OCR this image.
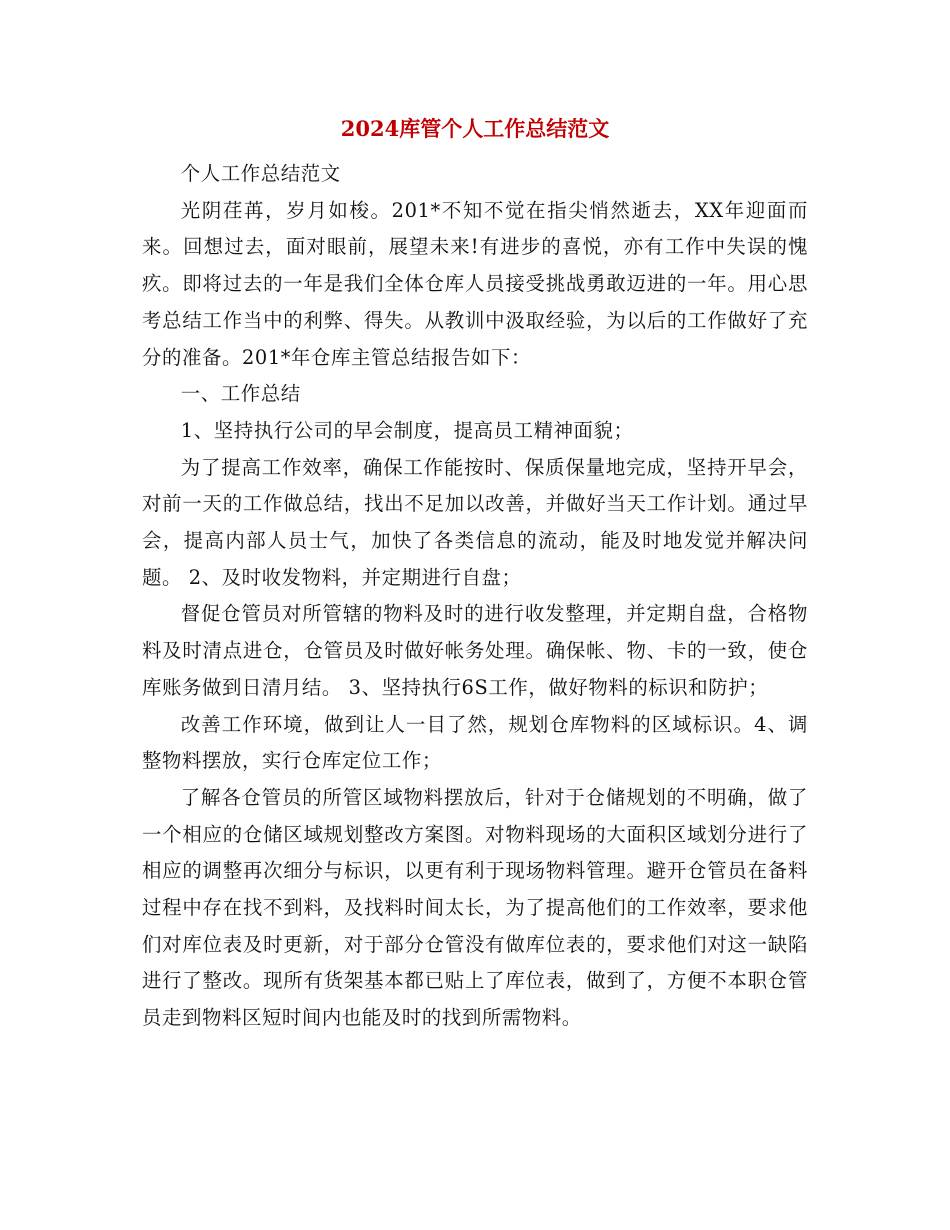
2024库管个人工作总结范文

个人工作总结范文

光阴荏苒，岁月如梭。201*不知不觉在指尖悄然逝去，XX年迎面而来。回想过去，面对眼前，展望未来!有进步的喜悦，亦有工作中失误的愧疚。即将过去的一年是我们全体仓库人员接受挑战勇敢迈进的一年。用心思考总结工作当中的利弊、得失。从教训中汲取经验，为以后的工作做好了充分的准备。201*年仓库主管总结报告如下：

一、工作总结

1、坚持执行公司的早会制度，提高员工精神面貌；

为了提高工作效率，确保工作能按时、保质保量地完成，坚持开早会，对前一天的工作做总结，找出不足加以改善，并做好当天工作计划。通过早会，提高内部人员士气，加快了各类信息的流动，能及时地发觉并解决问题。 2、及时收发物料，并定期进行自盘；

督促仓管员对所管辖的物料及时的进行收发整理，并定期自盘，合格物料及时清点进仓，仓管员及时做好帐务处理。确保帐、物、卡的一致，使仓库账务做到日清月结。 3、坚持执行6S工作，做好物料的标识和防护；

改善工作环境，做到让人一目了然，规划仓库物料的区域标识。4、调整物料摆放，实行仓库定位工作；

了解各仓管员的所管区域物料摆放后，针对于仓储规划的不明确，做了一个相应的仓储区域规划整改方案图。对物料现场的大面积区域划分进行了相应的调整再次细分与标识，以更有利于现场物料管理。避开仓管员在备料过程中存在找不到料，及找料时间太长，为了提高他们的工作效率，要求他们对库位表及时更新，对于部分仓管没有做库位表的，要求他们对这一缺陷进行了整改。现所有货架基本都已贴上了库位表，做到了，方便不本职仓管员走到物料区短时间内也能及时的找到所需物料。
